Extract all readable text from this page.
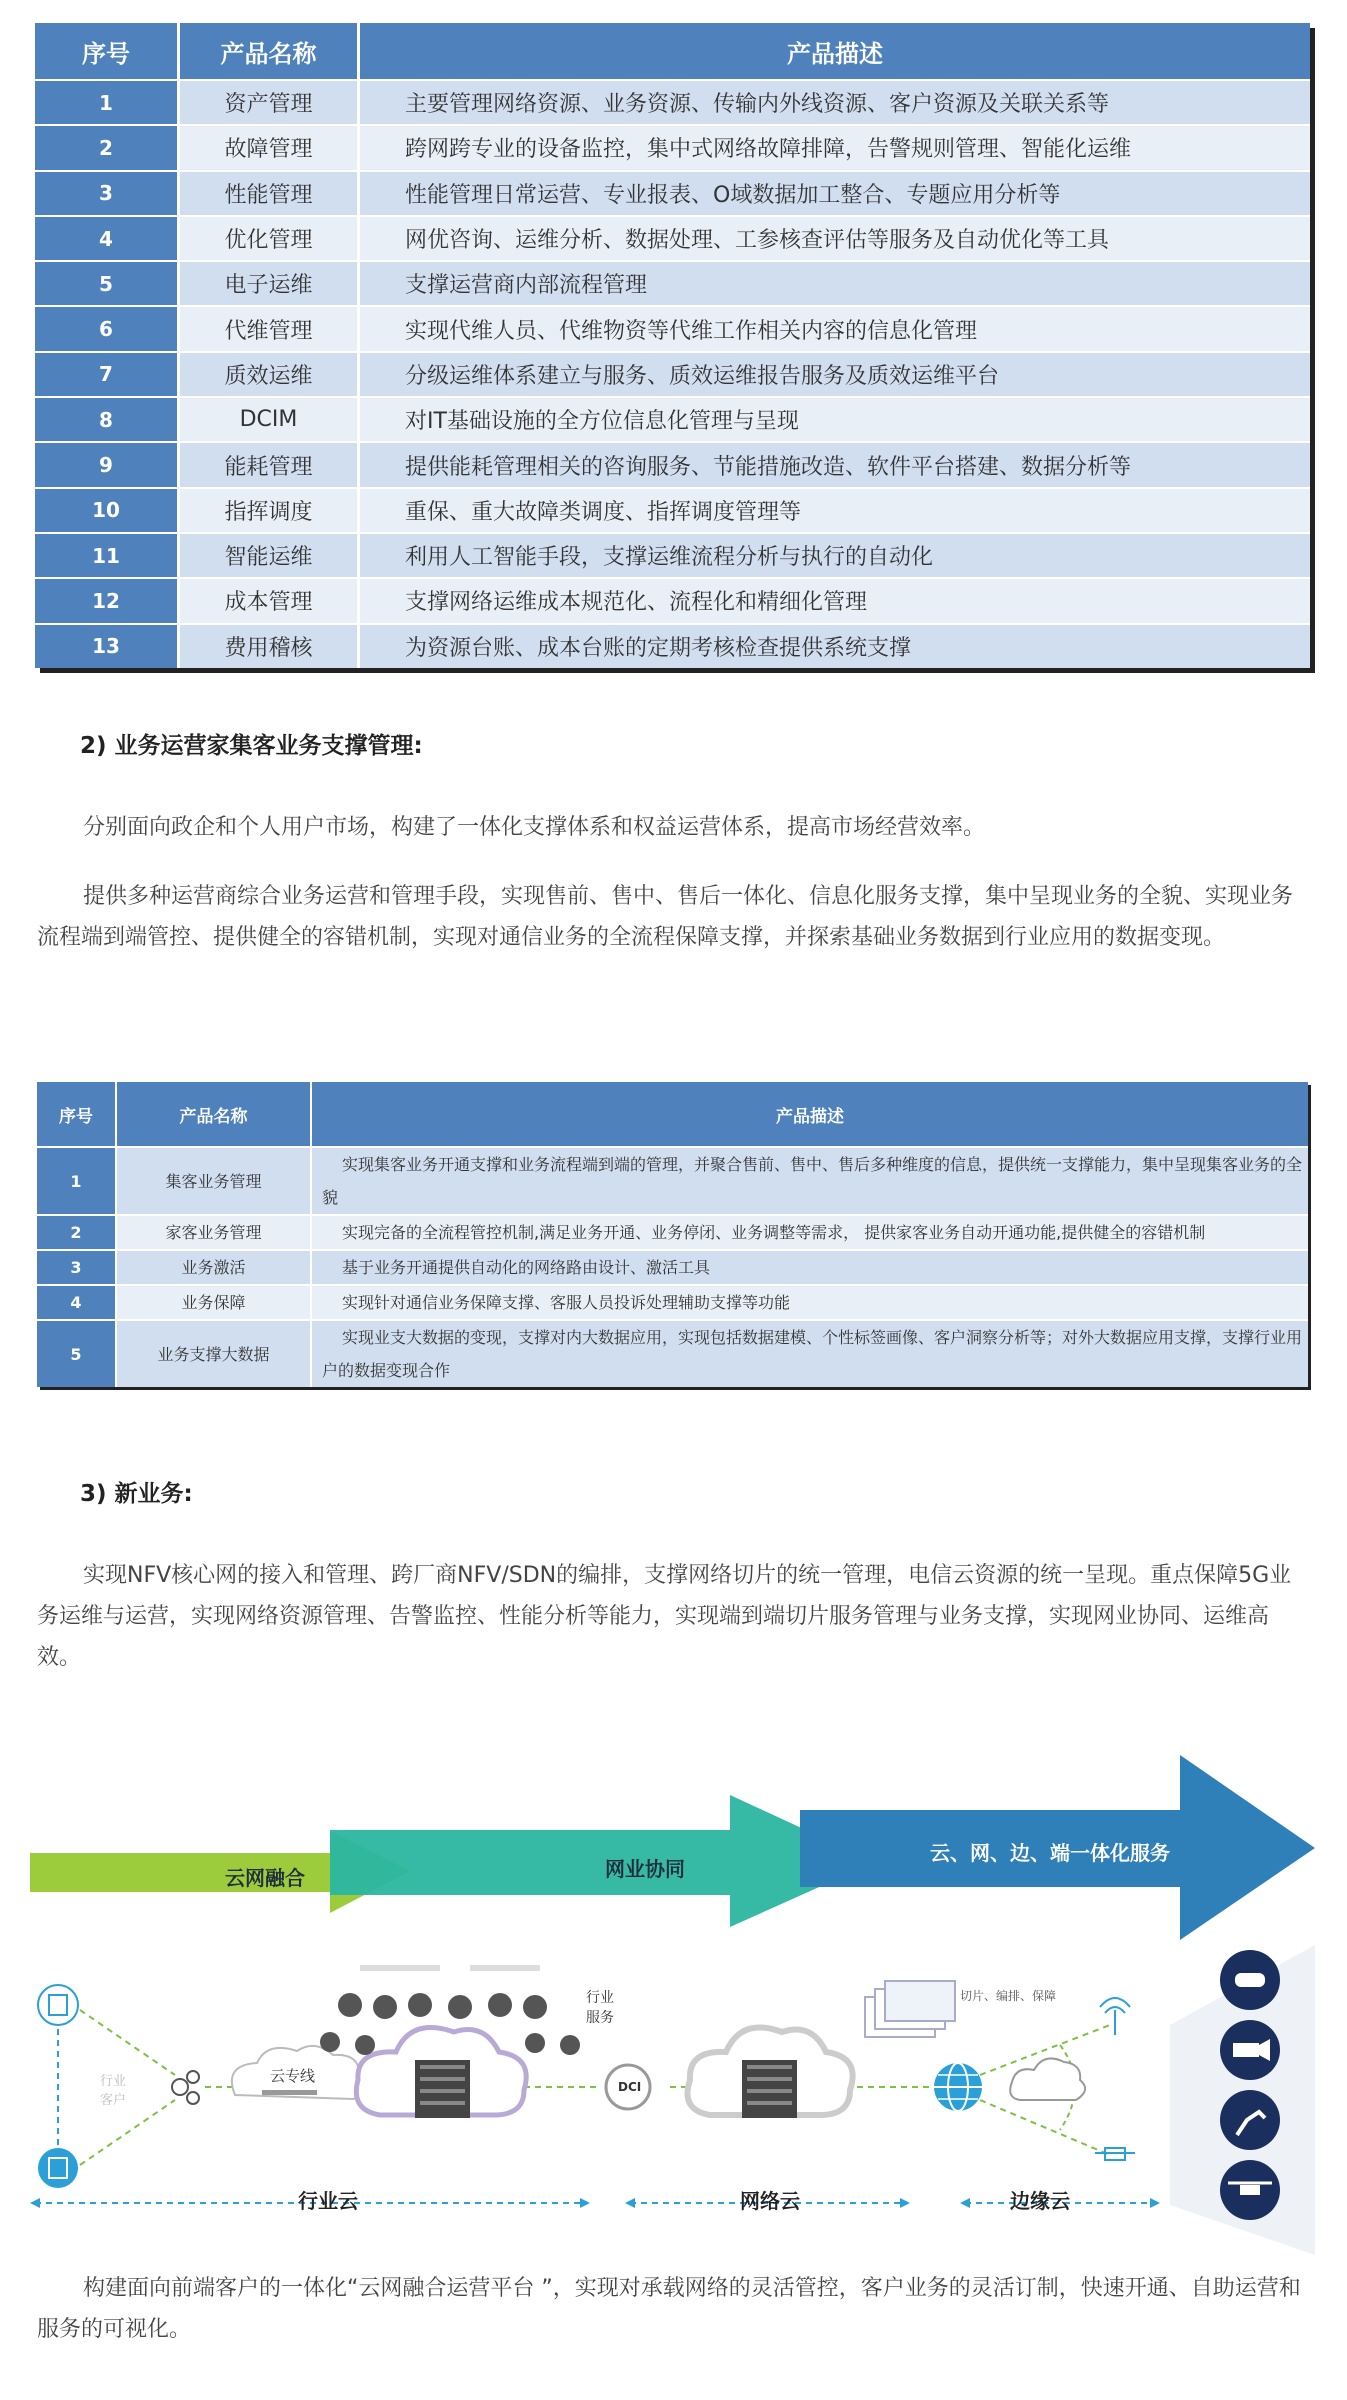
序号	产品名称	产品描述
1	资产管理	主要管理网络资源、业务资源、传输内外线资源、客户资源及关联关系等
2	故障管理	跨网跨专业的设备监控，集中式网络故障排障，告警规则管理、智能化运维
3	性能管理	性能管理日常运营、专业报表、O域数据加工整合、专题应用分析等
4	优化管理	网优咨询、运维分析、数据处理、工参核查评估等服务及自动优化等工具
5	电子运维	支撑运营商内部流程管理
6	代维管理	实现代维人员、代维物资等代维工作相关内容的信息化管理
7	质效运维	分级运维体系建立与服务、质效运维报告服务及质效运维平台
8	DCIM	对IT基础设施的全方位信息化管理与呈现
9	能耗管理	提供能耗管理相关的咨询服务、节能措施改造、软件平台搭建、数据分析等
10	指挥调度	重保、重大故障类调度、指挥调度管理等
11	智能运维	利用人工智能手段，支撑运维流程分析与执行的自动化
12	成本管理	支撑网络运维成本规范化、流程化和精细化管理
13	费用稽核	为资源台账、成本台账的定期考核检查提供系统支撑
2) 业务运营家集客业务支撑管理:

分别面向政企和个人用户市场，构建了一体化支撑体系和权益运营体系，提高市场经营效率。

提供多种运营商综合业务运营和管理手段，实现售前、售中、售后一体化、信息化服务支撑，集中呈现业务的全貌、实现业务流程端到端管控、提供健全的容错机制，实现对通信业务的全流程保障支撑，并探索基础业务数据到行业应用的数据变现。

序号	产品名称	产品描述
1	集客业务管理	实现集客业务开通支撑和业务流程端到端的管理，并聚合售前、售中、售后多种维度的信息，提供统一支撑能力，集中呈现集客业务的全貌
2	家客业务管理	实现完备的全流程管控机制,满足业务开通、业务停闭、业务调整等需求， 提供家客业务自动开通功能,提供健全的容错机制
3	业务激活	基于业务开通提供自动化的网络路由设计、激活工具
4	业务保障	实现针对通信业务保障支撑、客服人员投诉处理辅助支撑等功能
5	业务支撑大数据	实现业支大数据的变现，支撑对内大数据应用，实现包括数据建模、个性标签画像、客户洞察分析等；对外大数据应用支撑，支撑行业用户的数据变现合作
3) 新业务:

实现NFV核心网的接入和管理、跨厂商NFV/SDN的编排，支撑网络切片的统一管理，电信云资源的统一呈现。重点保障5G业务运维与运营，实现网络资源管理、告警监控、性能分析等能力，实现端到端切片服务管理与业务支撑，实现网业协同、运维高效。

云网融合	网业协同
云、网、边、端一体化服务
行业
服务
行业
客户
云专线
DCI
切片、编排、保障
行业云	网络云	边缘云

构建面向前端客户的一体化“云网融合运营平台 ”，实现对承载网络的灵活管控，客户业务的灵活订制，快速开通、自助运营和服务的可视化。
